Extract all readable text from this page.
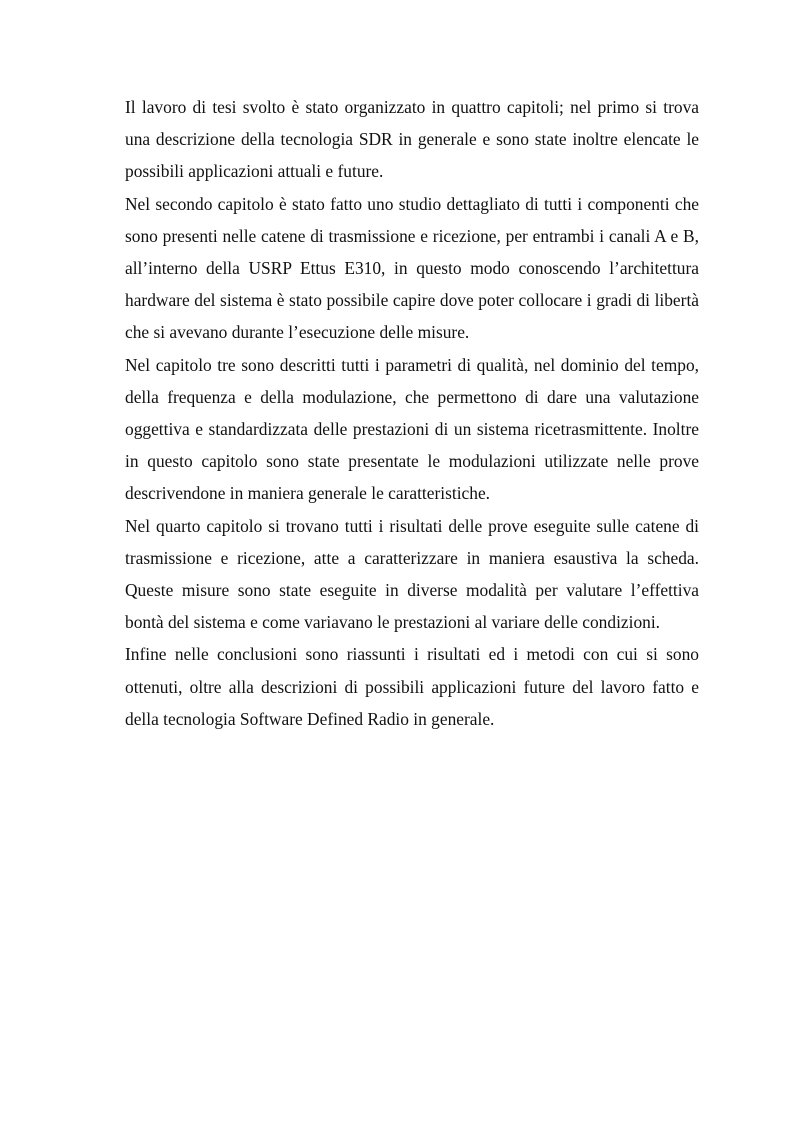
Il lavoro di tesi svolto è stato organizzato in quattro capitoli; nel primo si trova una descrizione della tecnologia SDR in generale e sono state inoltre elencate le possibili applicazioni attuali e future.

Nel secondo capitolo è stato fatto uno studio dettagliato di tutti i componenti che sono presenti nelle catene di trasmissione e ricezione, per entrambi i canali A e B, all’interno della USRP Ettus E310, in questo modo conoscendo l’architettura hardware del sistema è stato possibile capire dove poter collocare i gradi di libertà che si avevano durante l’esecuzione delle misure.

Nel capitolo tre sono descritti tutti i parametri di qualità, nel dominio del tempo, della frequenza e della modulazione, che permettono di dare una valutazione oggettiva e standardizzata delle prestazioni di un sistema ricetrasmittente. Inoltre in questo capitolo sono state presentate le modulazioni utilizzate nelle prove descrivendone in maniera generale le caratteristiche.

Nel quarto capitolo si trovano tutti i risultati delle prove eseguite sulle catene di trasmissione e ricezione, atte a caratterizzare in maniera esaustiva la scheda. Queste misure sono state eseguite in diverse modalità per valutare l’effettiva bontà del sistema e come variavano le prestazioni al variare delle condizioni.

Infine nelle conclusioni sono riassunti i risultati ed i metodi con cui si sono ottenuti, oltre alla descrizioni di possibili applicazioni future del lavoro fatto e della tecnologia Software Defined Radio in generale.
